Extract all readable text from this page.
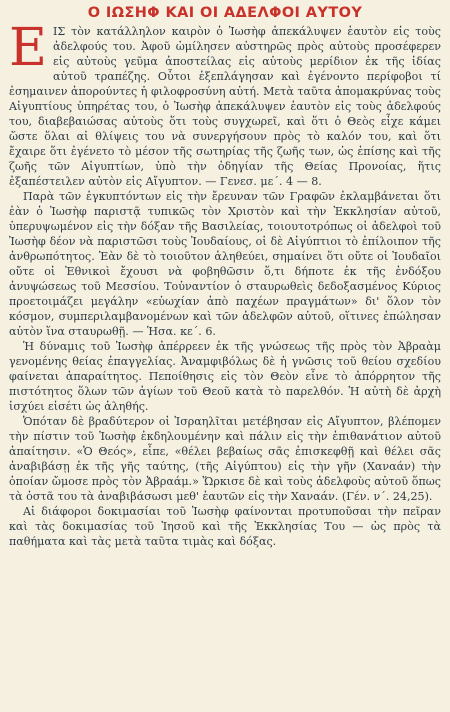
Ο ΙΩΣΗΦ ΚΑΙ ΟΙ ΑΔΕΛΦΟΙ ΑΥΤΟΥ

ΕΙΣ τὸν κατάλληλον καιρὸν ὁ Ἰωσὴφ ἀπεκάλυψεν ἑαυτὸν εἰς τοὺς ἀδελφούς του. Ἀφοῦ ὡμίλησεν αὐστηρῶς πρὸς αὐτοὺς προσέφερεν εἰς αὐτοὺς γεῦμα ἀποστείλας εἰς αὐτοὺς μερίδιον ἐκ τῆς ἰδίας αὐτοῦ τραπέζης. Οὗτοι ἐξεπλάγησαν καὶ ἐγένοντο περίφοβοι τί ἐσημαινεν ἀπορούντες ἡ φιλοφροσύνη αὐτή. Μετὰ ταῦτα ἀπομακρύνας τοὺς Αἰγυπτίους ὑπηρέτας του, ὁ Ἰωσὴφ ἀπεκάλυψεν ἑαυτὸν εἰς τοὺς ἀδελφούς του, διαβεβαιώσας αὐτοὺς ὅτι τοὺς συγχωρεῖ, καὶ ὅτι ὁ Θεὸς εἶχε κάμει ὥστε ὅλαι αἱ θλίψεις του νὰ συνεργήσουν πρὸς τὸ καλόν του, καὶ ὅτι ἔχαιρε ὅτι ἐγένετο τὸ μέσον τῆς σωτηρίας τῆς ζωῆς των, ὡς ἐπίσης καὶ τῆς ζωῆς τῶν Αἰγυπτίων, ὑπὸ τὴν ὁδηγίαν τῆς Θείας Προνοίας, ἥτις ἐξαπέστειλεν αὐτὸν εἰς Αἴγυπτον. — Γενεσ. με΄. 4 — 8.

Παρὰ τῶν ἐγκυπτόντων εἰς τὴν ἔρευναν τῶν Γραφῶν ἐκλαμβάνεται ὅτι ἐὰν ὁ Ἰωσὴφ παριστᾷ τυπικῶς τὸν Χριστὸν καὶ τὴν Ἐκκλησίαν αὐτοῦ, ὑπερυψωμένον εἰς τὴν δόξαν τῆς Βασιλείας, τοιουτοτρόπως οἱ ἀδελφοὶ τοῦ Ἰωσὴφ δέον νὰ παριστῶσι τοὺς Ἰουδαίους, οἱ δὲ Αἰγύπτιοι τὸ ἐπίλοιπον τῆς ἀνθρωπότητος. Ἐὰν δὲ τὸ τοιοῦτον ἀληθεύει, σημαίνει ὅτι οὔτε οἱ Ἰουδαῖοι οὔτε οἱ Ἐθνικοὶ ἔχουσι νὰ φοβηθῶσιν ὅ,τι δήποτε ἐκ τῆς ἐνδόξου ἀνυψώσεως τοῦ Μεσσίου. Τοὐναντίον ὁ σταυρωθεὶς δεδοξασμένος Κύριος προετοιμάζει μεγάλην «εὐωχίαν ἀπὸ παχέων πραγμάτων» δι' ὅλον τὸν κόσμον, συμπεριλαμβανομένων καὶ τῶν ἀδελφῶν αὐτοῦ, οἵτινες ἐπώλησαν αὐτὸν ἵνα σταυρωθῇ. — Ἡσα. κε΄. 6.

Ἡ δύναμις τοῦ Ἰωσὴφ ἀπέρρεεν ἐκ τῆς γνώσεως τῆς πρὸς τὸν Ἀβραὰμ γενομένης θείας ἐπαγγελίας. Ἀναμφιβόλως δὲ ἡ γνῶσις τοῦ θείου σχεδίου φαίνεται ἀπαραίτητος. Πεποίθησις εἰς τὸν Θεὸν εἶνε τὸ ἀπόρρητον τῆς πιστότητος ὅλων τῶν ἁγίων τοῦ Θεοῦ κατὰ τὸ παρελθόν. Ἡ αὐτὴ δὲ ἀρχὴ ἰσχύει εἰσέτι ὡς ἀληθής.

Ὁπόταν δὲ βραδύτερον οἱ Ἰσραηλῖται μετέβησαν εἰς Αἴγυπτον, βλέπομεν τὴν πίστιν τοῦ Ἰωσὴφ ἐκδηλουμένην καὶ πάλιν εἰς τὴν ἐπιθανάτιον αὐτοῦ ἀπαίτησιν. «Ὁ Θεός», εἶπε, «θέλει βεβαίως σᾶς ἐπισκεφθῇ καὶ θέλει σᾶς ἀναβιβάσῃ ἐκ τῆς γῆς ταύτης, (τῆς Αἰγύπτου) εἰς τὴν γῆν (Χαναάν) τὴν ὁποίαν ὤμοσε πρὸς τὸν Ἀβραάμ.» Ὥρκισε δὲ καὶ τοὺς ἀδελφοὺς αὐτοῦ ὅπως τὰ ὀστᾶ του τὰ ἀναβιβάσωσι μεθ' ἑαυτῶν εἰς τὴν Χαναάν. (Γέν. ν΄. 24,25).

Αἱ διάφοροι δοκιμασίαι τοῦ Ἰωσὴφ φαίνονται προτυποῦσαι τὴν πεῖραν καὶ τὰς δοκιμασίας τοῦ Ἰησοῦ καὶ τῆς Ἐκκλησίας Του — ὡς πρὸς τὰ παθήματα καὶ τὰς μετὰ ταῦτα τιμὰς καὶ δόξας.
